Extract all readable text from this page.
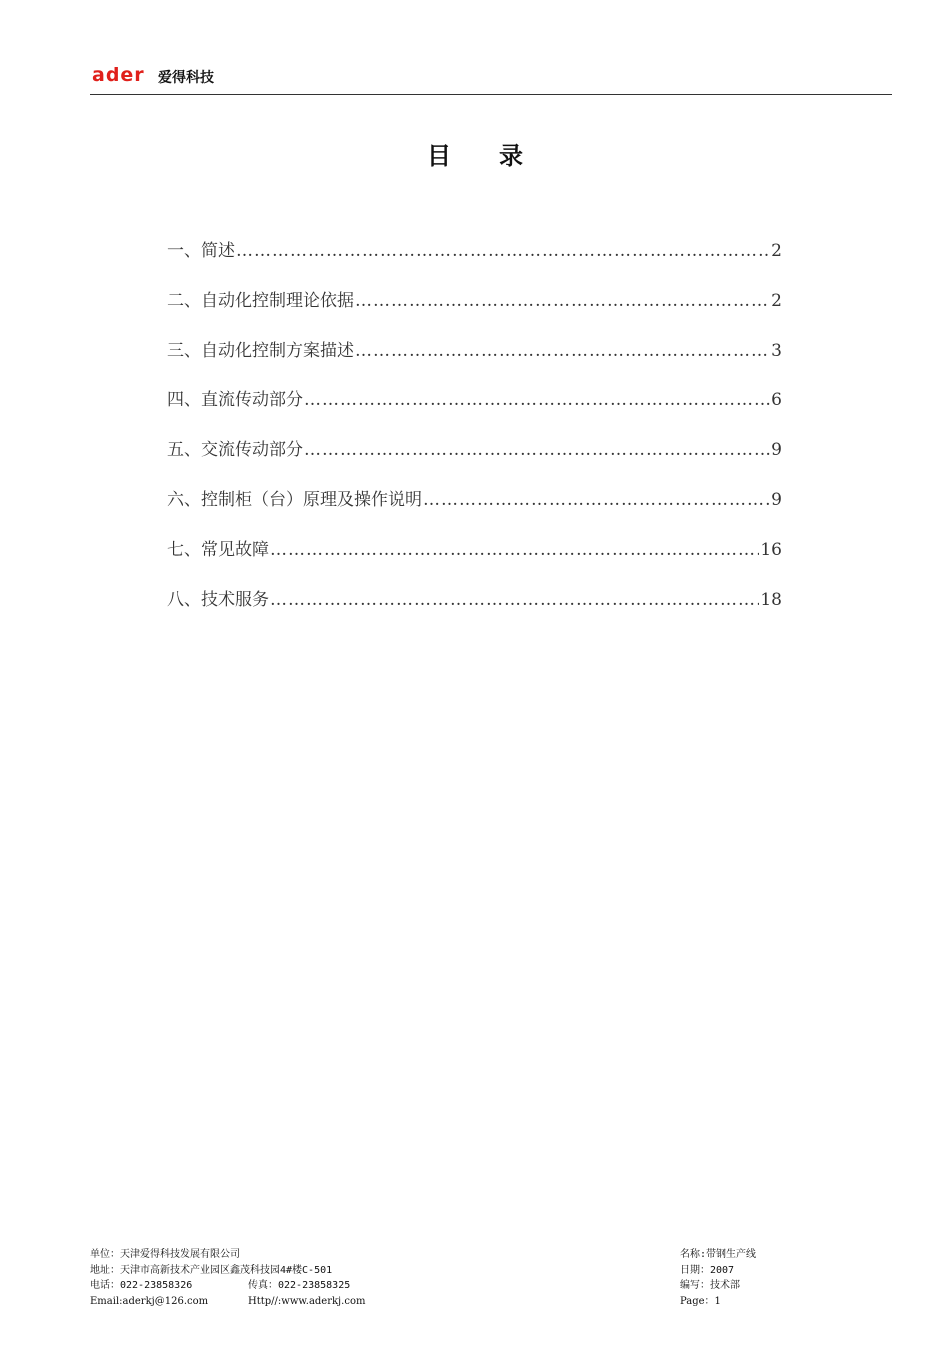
ader 爱得科技
目　　录
一、简述 ………………………………………………………………………………………………………………………………………………………………………………………………	2
二、自动化控制理论依据 ………………………………………………………………………………………………………………………………………………………………………………………………	2
三、自动化控制方案描述 ………………………………………………………………………………………………………………………………………………………………………………………………	3
四、直流传动部分 ………………………………………………………………………………………………………………………………………………………………………………………………	6
五、交流传动部分 ………………………………………………………………………………………………………………………………………………………………………………………………	9
六、控制柜（台）原理及操作说明 ………………………………………………………………………………………………………………………………………………………………………………………………	9
七、常见故障 ………………………………………………………………………………………………………………………………………………………………………………………………	16
八、技术服务 ………………………………………………………………………………………………………………………………………………………………………………………………	18
单位：天津爱得科技发展有限公司	名称:带钢生产线
地址：天津市高新技术产业园区鑫茂科技园4#楼C-501	日期：2007
电话：022-23858326	传真：022-23858325	编写：技术部
Email:aderkj@126.com	Http//:www.aderkj.com	Page：1
